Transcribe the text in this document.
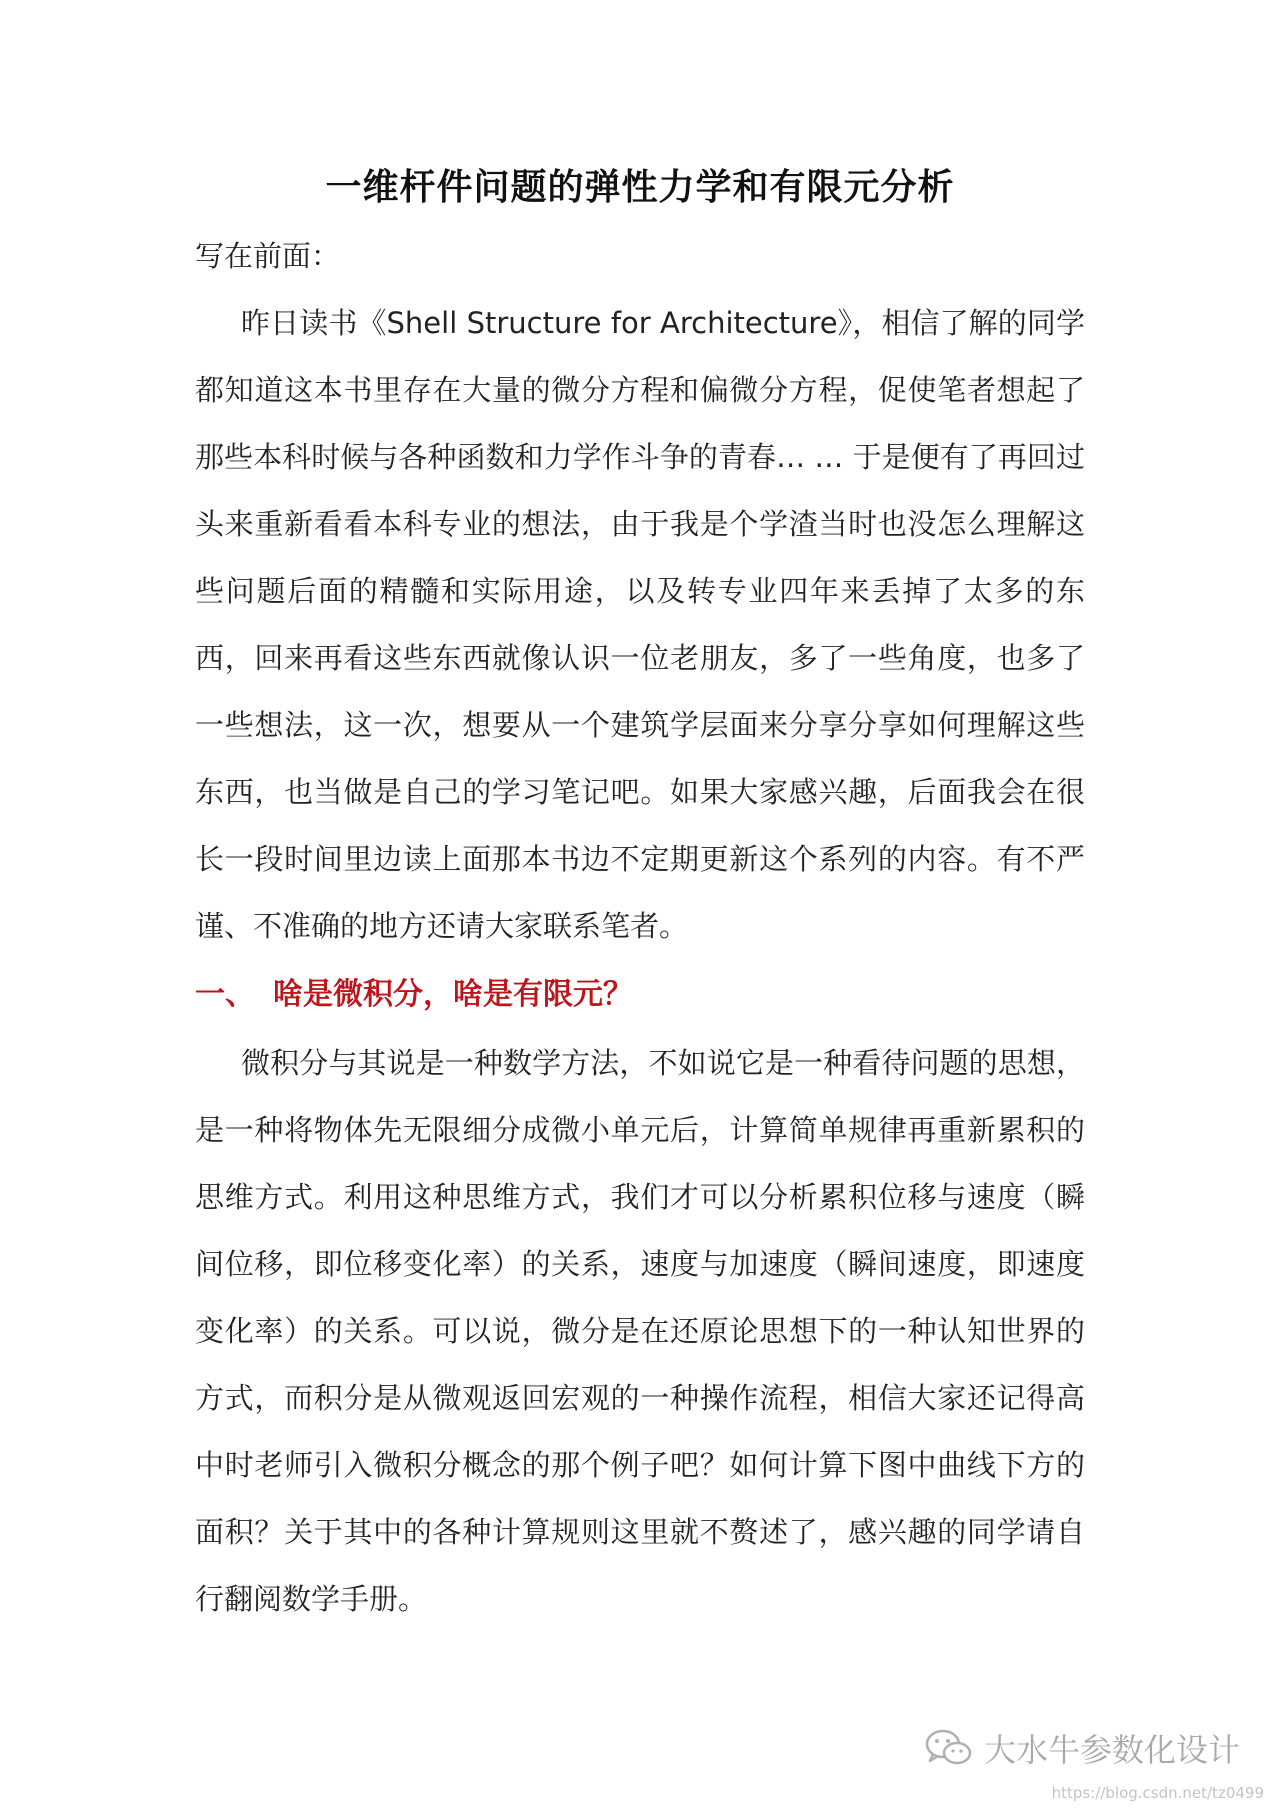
一维杆件问题的弹性力学和有限元分析
写在前面：

昨日读书《Shell Structure for Architecture》，相信了解的同学都知道这本书里存在大量的微分方程和偏微分方程，促使笔者想起了那些本科时候与各种函数和力学作斗争的青春… … 于是便有了再回过头来重新看看本科专业的想法，由于我是个学渣当时也没怎么理解这些问题后面的精髓和实际用途，以及转专业四年来丢掉了太多的东西，回来再看这些东西就像认识一位老朋友，多了一些角度，也多了一些想法，这一次，想要从一个建筑学层面来分享分享如何理解这些东西，也当做是自己的学习笔记吧。如果大家感兴趣，后面我会在很长一段时间里边读上面那本书边不定期更新这个系列的内容。有不严谨、不准确的地方还请大家联系笔者。

一、 啥是微积分，啥是有限元？

微积分与其说是一种数学方法，不如说它是一种看待问题的思想，是一种将物体先无限细分成微小单元后，计算简单规律再重新累积的思维方式。利用这种思维方式，我们才可以分析累积位移与速度（瞬间位移，即位移变化率）的关系，速度与加速度（瞬间速度，即速度变化率）的关系。可以说，微分是在还原论思想下的一种认知世界的方式，而积分是从微观返回宏观的一种操作流程，相信大家还记得高中时老师引入微积分概念的那个例子吧？如何计算下图中曲线下方的面积？关于其中的各种计算规则这里就不赘述了，感兴趣的同学请自行翻阅数学手册。

大水牛参数化设计
https://blog.csdn.net/tz0499
